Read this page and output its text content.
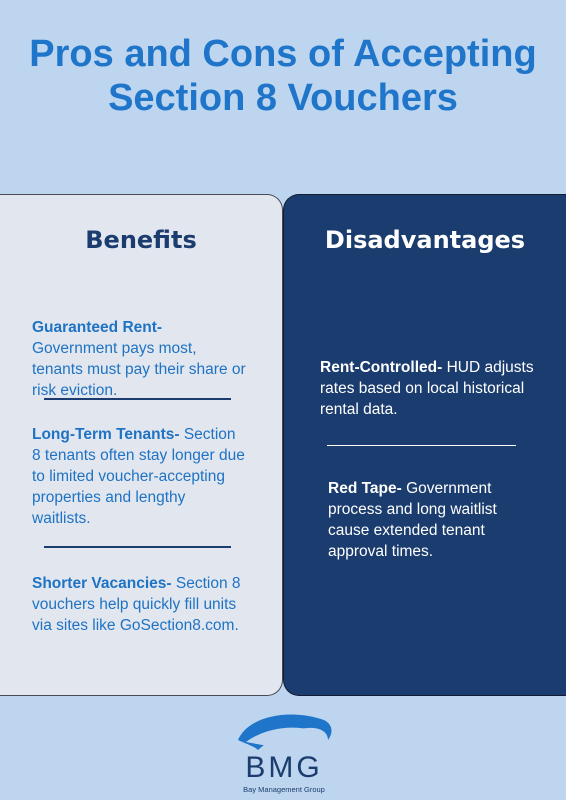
Pros and Cons of Accepting Section 8 Vouchers
Benefits

Guaranteed Rent- Government pays most, tenants must pay their share or risk eviction.

Long-Term Tenants- Section 8 tenants often stay longer due to limited voucher-accepting properties and lengthy waitlists.

Shorter Vacancies- Section 8 vouchers help quickly fill units via sites like GoSection8.com.

Disadvantages

Rent-Controlled- HUD adjusts rates based on local historical rental data.

Red Tape- Government process and long waitlist cause extended tenant approval times.

BMG

Bay Management Group
